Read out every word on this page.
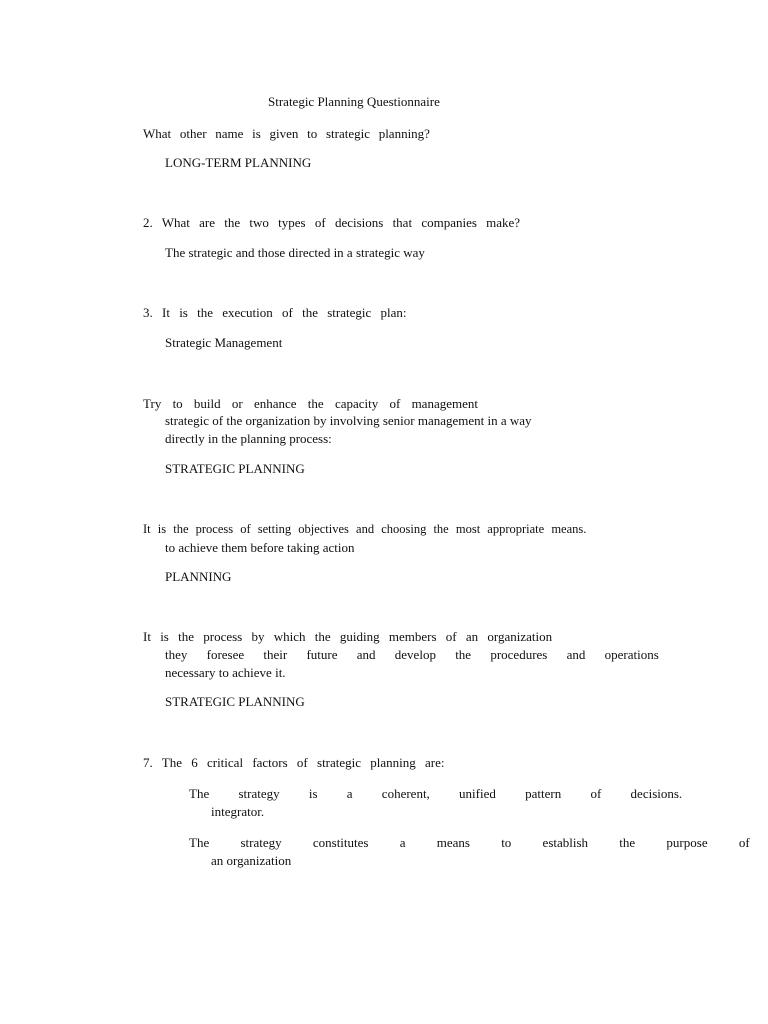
Strategic Planning Questionnaire
What other name is given to strategic planning?
LONG-TERM PLANNING
2. What are the two types of decisions that companies make?
The strategic and those directed in a strategic way
3. It is the execution of the strategic plan:
Strategic Management
Try to build or enhance the capacity of management
strategic of the organization by involving senior management in a way
directly in the planning process:
STRATEGIC PLANNING
It is the process of setting objectives and choosing the most appropriate means.
to achieve them before taking action
PLANNING
It is the process by which the guiding members of an organization
they foresee their future and develop the procedures and operations
necessary to achieve it.
STRATEGIC PLANNING
7. The 6 critical factors of strategic planning are:
The strategy is a coherent, unified pattern of decisions.
integrator.
The strategy constitutes a means to establish the purpose of
an organization
